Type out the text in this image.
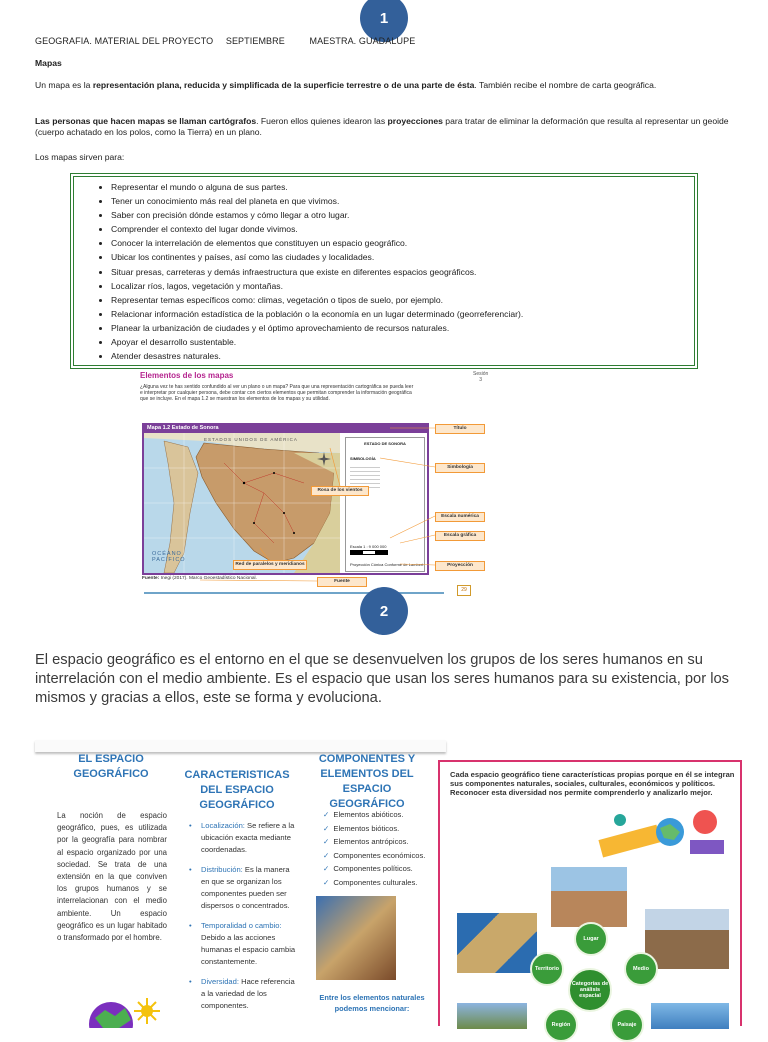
1
GEOGRAFIA. MATERIAL DEL PROYECTO SEPTIEMBRE	MAESTRA. GUADALUPE
Mapas
Un mapa es la representación plana, reducida y simplificada de la superficie terrestre o de una parte de ésta. También recibe el nombre de carta geográfica.
Las personas que hacen mapas se llaman cartógrafos. Fueron ellos quienes idearon las proyecciones para tratar de eliminar la deformación que resulta al representar un geoide (cuerpo achatado en los polos, como la Tierra) en un plano.
Los mapas sirven para:
• Representar el mundo o alguna de sus partes.
• Tener un conocimiento más real del planeta en que vivimos.
• Saber con precisión dónde estamos y cómo llegar a otro lugar.
• Comprender el contexto del lugar donde vivimos.
• Conocer la interrelación de elementos que constituyen un espacio geográfico.
• Ubicar los continentes y países, así como las ciudades y localidades.
• Situar presas, carreteras y demás infraestructura que existe en diferentes espacios geográficos.
• Localizar ríos, lagos, vegetación y montañas.
• Representar temas específicos como: climas, vegetación o tipos de suelo, por ejemplo.
• Relacionar información estadística de la población o la economía en un lugar determinado (georreferenciar).
• Planear la urbanización de ciudades y el óptimo aprovechamiento de recursos naturales.
• Apoyar el desarrollo sustentable.
• Atender desastres naturales.
Elementos de los mapas	Sesión
3
¿Alguna vez te has sentido confundido al ver un plano o un mapa? Para que una representación cartográfica se pueda leer e interpretar por cualquier persona, debe contar con ciertos elementos que permitan comprender la información geográfica que se incluye. En el mapa 1.2 se muestran los elementos de los mapas y su utilidad.
Mapa 1.2 Estado de Sonora
ESTADOS UNIDOS DE AMÉRICA
OCÉANO PACÍFICO
ESTADO DE SONORA
SIMBOLOGÍA
Escala 1 : 9 000 000
Proyección Cónica Conforme de Lambert
Título
Simbología
Rosa de los vientos
Escala numérica
Escala gráfica
Red de paralelos y meridianos	Proyección
Fuente
Fuente: Inegi (2017). Marco Geoestadístico Nacional.
29
2
El espacio geográfico es el entorno en el que se desenvuelven los grupos de los seres humanos en su interrelación con el medio ambiente. Es el espacio que usan los seres humanos para su existencia, por los mismos y gracias a ellos, este se forma y evoluciona.
EL ESPACIO GEOGRÁFICO
La noción de espacio geográfico, pues, es utilizada por la geografía para nombrar al espacio organizado por una sociedad. Se trata de una extensión en la que conviven los grupos humanos y se interrelacionan con el medio ambiente. Un espacio geográfico es un lugar habitado o transformado por el hombre.
CARACTERISTICAS DEL ESPACIO GEOGRÁFICO
• Localización: Se refiere a la ubicación exacta mediante coordenadas.
• Distribución: Es la manera en que se organizan los componentes pueden ser dispersos o concentrados.
• Temporalidad o cambio: Debido a las acciones humanas el espacio cambia constantemente.
• Diversidad: Hace referencia a la variedad de los componentes.
COMPONENTES Y ELEMENTOS DEL ESPACIO GEOGRÁFICO
✓ Elementos abióticos.
✓ Elementos bióticos.
✓ Elementos antrópicos.
✓ Componentes económicos.
✓ Componentes políticos.
✓ Componentes culturales.
Entre los elementos naturales podemos mencionar:
Cada espacio geográfico tiene características propias porque en él se integran sus componentes naturales, sociales, culturales, económicos y políticos. Reconocer esta diversidad nos permite comprenderlo y analizarlo mejor.
Lugar
Territorio	Medio
Categorías de análisis espacial
Región	Paisaje
